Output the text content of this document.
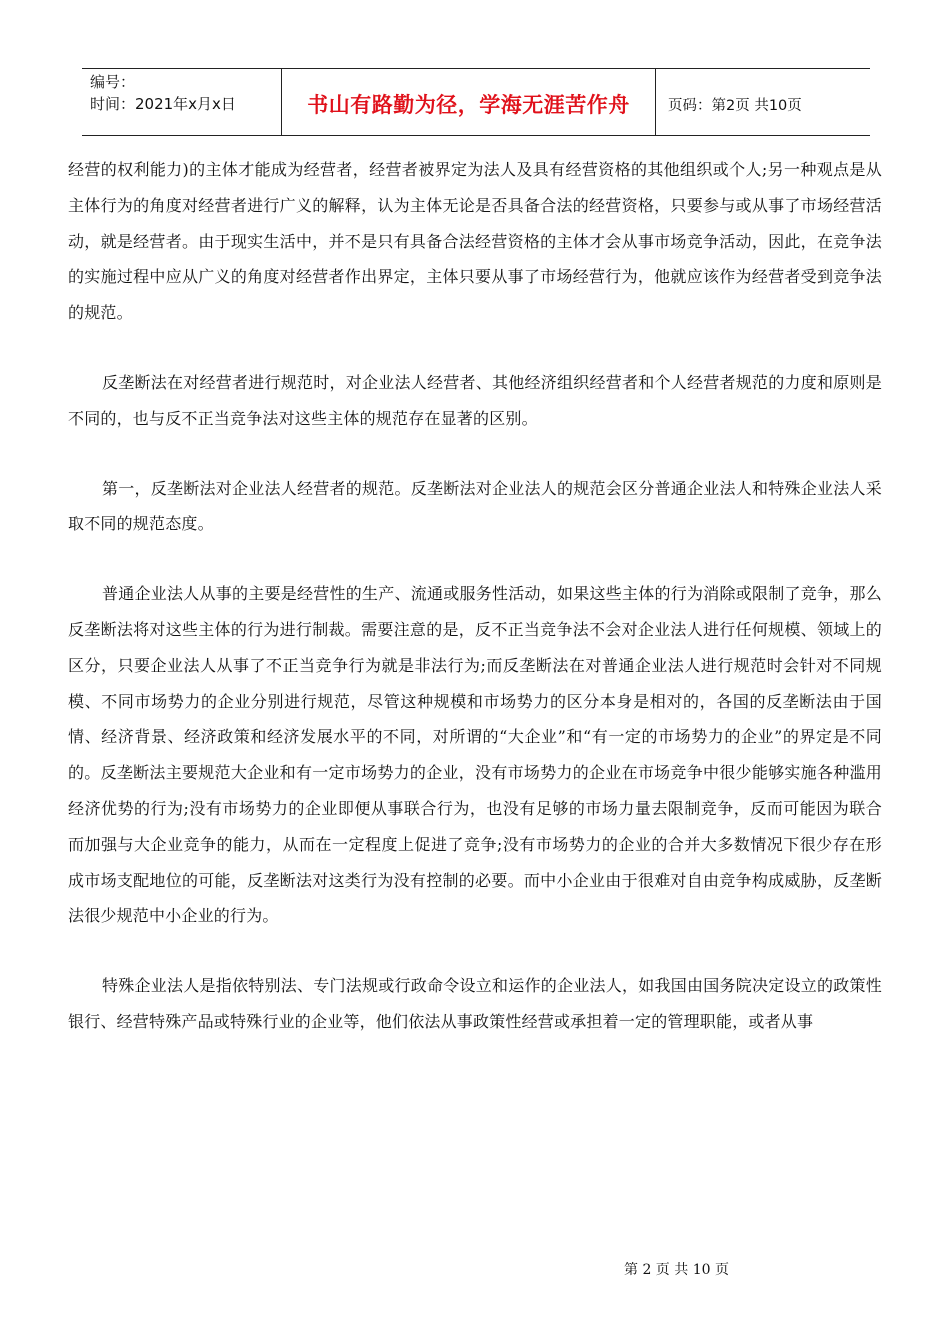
编号：
时间：2021年x月x日	书山有路勤为径，学海无涯苦作舟	页码：第2页 共10页

经营的权利能力)的主体才能成为经营者，经营者被界定为法人及具有经营资格的其他组织或个人;另一种观点是从主体行为的角度对经营者进行广义的解释，认为主体无论是否具备合法的经营资格，只要参与或从事了市场经营活动，就是经营者。由于现实生活中，并不是只有具备合法经营资格的主体才会从事市场竞争活动，因此，在竞争法的实施过程中应从广义的角度对经营者作出界定，主体只要从事了市场经营行为，他就应该作为经营者受到竞争法的规范。

反垄断法在对经营者进行规范时，对企业法人经营者、其他经济组织经营者和个人经营者规范的力度和原则是不同的，也与反不正当竞争法对这些主体的规范存在显著的区别。

第一，反垄断法对企业法人经营者的规范。反垄断法对企业法人的规范会区分普通企业法人和特殊企业法人采取不同的规范态度。

普通企业法人从事的主要是经营性的生产、流通或服务性活动，如果这些主体的行为消除或限制了竞争，那么反垄断法将对这些主体的行为进行制裁。需要注意的是，反不正当竞争法不会对企业法人进行任何规模、领域上的区分，只要企业法人从事了不正当竞争行为就是非法行为;而反垄断法在对普通企业法人进行规范时会针对不同规模、不同市场势力的企业分别进行规范，尽管这种规模和市场势力的区分本身是相对的，各国的反垄断法由于国情、经济背景、经济政策和经济发展水平的不同，对所谓的“大企业”和“有一定的市场势力的企业”的界定是不同的。反垄断法主要规范大企业和有一定市场势力的企业，没有市场势力的企业在市场竞争中很少能够实施各种滥用经济优势的行为;没有市场势力的企业即便从事联合行为，也没有足够的市场力量去限制竞争，反而可能因为联合而加强与大企业竞争的能力，从而在一定程度上促进了竞争;没有市场势力的企业的合并大多数情况下很少存在形成市场支配地位的可能，反垄断法对这类行为没有控制的必要。而中小企业由于很难对自由竞争构成威胁，反垄断法很少规范中小企业的行为。

特殊企业法人是指依特别法、专门法规或行政命令设立和运作的企业法人，如我国由国务院决定设立的政策性银行、经营特殊产品或特殊行业的企业等，他们依法从事政策性经营或承担着一定的管理职能，或者从事

第 2 页 共 10 页
